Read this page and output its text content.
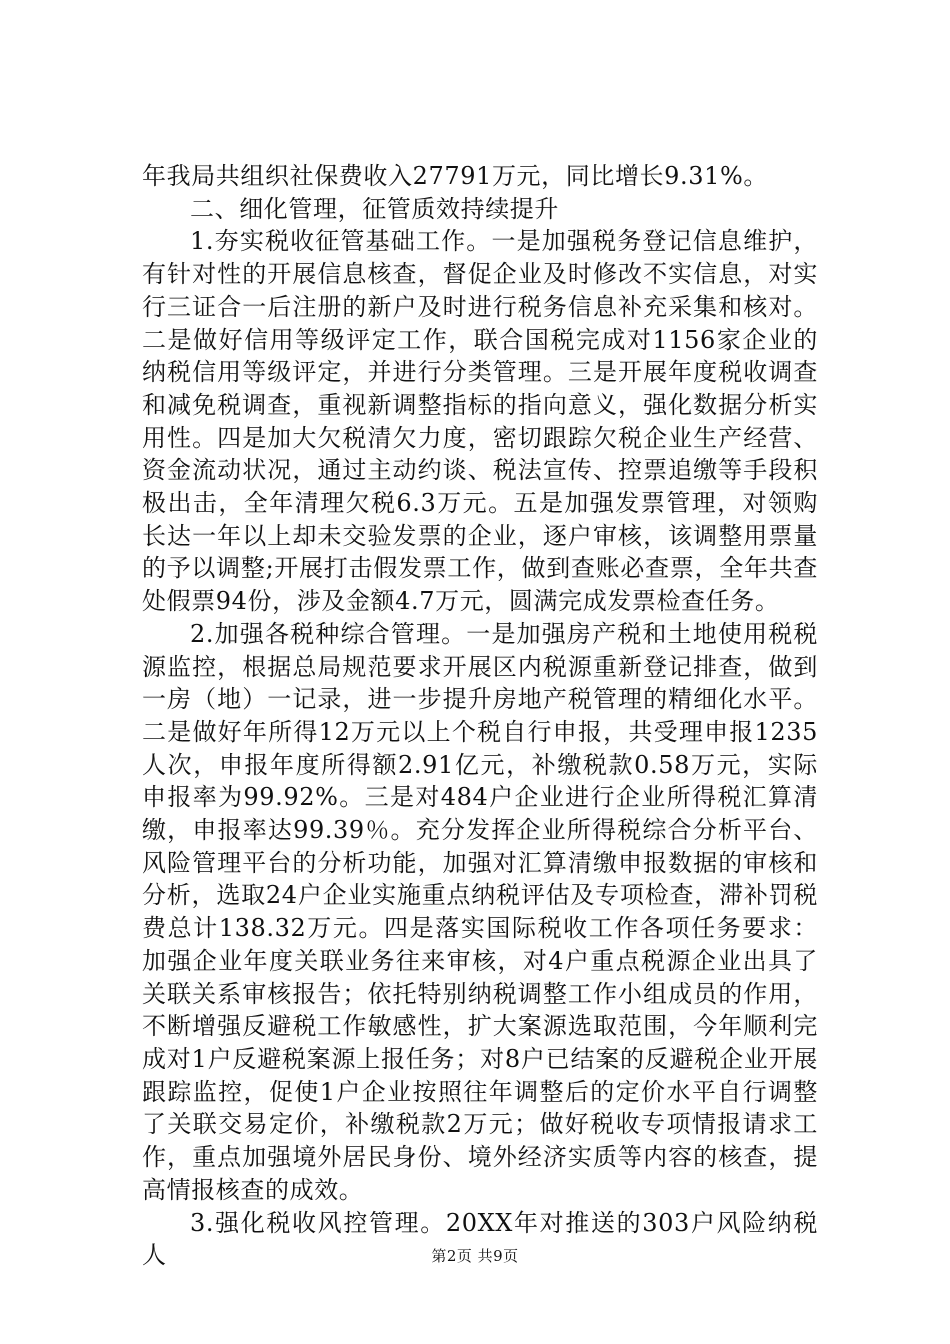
年我局共组织社保费收入27791万元，同比增长9.31%。

二、细化管理，征管质效持续提升

1.夯实税收征管基础工作。一是加强税务登记信息维护，有针对性的开展信息核查，督促企业及时修改不实信息，对实行三证合一后注册的新户及时进行税务信息补充采集和核对。二是做好信用等级评定工作，联合国税完成对1156家企业的纳税信用等级评定，并进行分类管理。三是开展年度税收调查和减免税调查，重视新调整指标的指向意义，强化数据分析实用性。四是加大欠税清欠力度，密切跟踪欠税企业生产经营、资金流动状况，通过主动约谈、税法宣传、控票追缴等手段积极出击，全年清理欠税6.3万元。五是加强发票管理，对领购长达一年以上却未交验发票的企业，逐户审核，该调整用票量的予以调整;开展打击假发票工作，做到查账必查票，全年共查处假票94份，涉及金额4.7万元，圆满完成发票检查任务。

2.加强各税种综合管理。一是加强房产税和土地使用税税源监控，根据总局规范要求开展区内税源重新登记排查，做到一房（地）一记录，进一步提升房地产税管理的精细化水平。二是做好年所得12万元以上个税自行申报，共受理申报1235人次，申报年度所得额2.91亿元，补缴税款0.58万元，实际申报率为99.92%。三是对484户企业进行企业所得税汇算清缴，申报率达99.39％。充分发挥企业所得税综合分析平台、风险管理平台的分析功能，加强对汇算清缴申报数据的审核和分析，选取24户企业实施重点纳税评估及专项检查，滞补罚税费总计138.32万元。四是落实国际税收工作各项任务要求：加强企业年度关联业务往来审核，对4户重点税源企业出具了关联关系审核报告；依托特别纳税调整工作小组成员的作用，不断增强反避税工作敏感性，扩大案源选取范围，今年顺利完成对1户反避税案源上报任务；对8户已结案的反避税企业开展跟踪监控，促使1户企业按照往年调整后的定价水平自行调整了关联交易定价，补缴税款2万元；做好税收专项情报请求工作，重点加强境外居民身份、境外经济实质等内容的核查，提高情报核查的成效。

3.强化税收风控管理。20XX年对推送的303户风险纳税人	第2页 共9页
